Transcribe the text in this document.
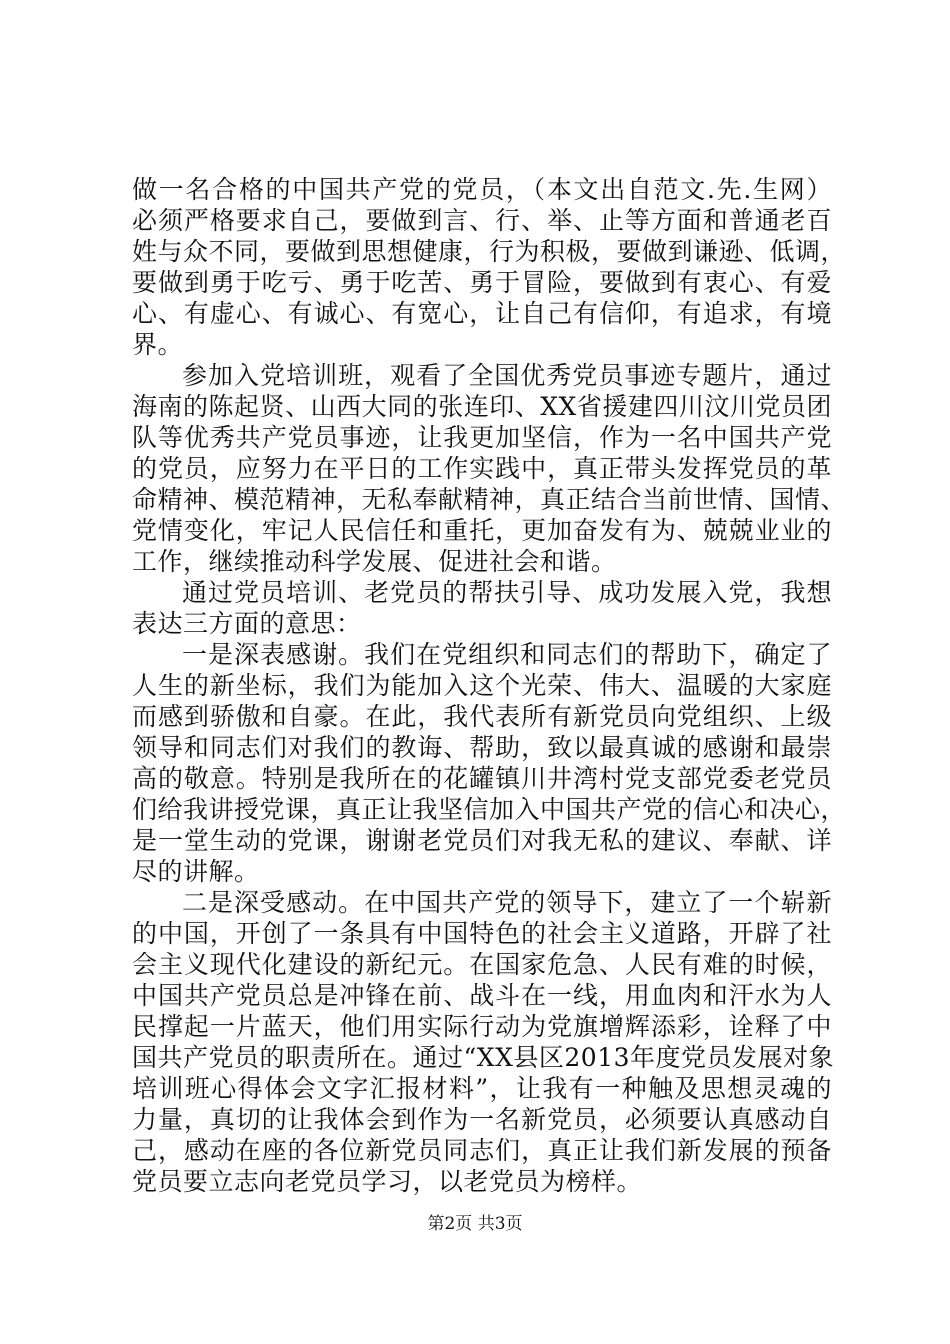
做一名合格的中国共产党的党员，（本文出自范文.先.生网）
必须严格要求自己，要做到言、行、举、止等方面和普通老百
姓与众不同，要做到思想健康，行为积极，要做到谦逊、低调，
要做到勇于吃亏、勇于吃苦、勇于冒险，要做到有衷心、有爱
心、有虚心、有诚心、有宽心，让自己有信仰，有追求，有境
界。
参加入党培训班，观看了全国优秀党员事迹专题片，通过
海南的陈起贤、山西大同的张连印、XX省援建四川汶川党员团
队等优秀共产党员事迹，让我更加坚信，作为一名中国共产党
的党员，应努力在平日的工作实践中，真正带头发挥党员的革
命精神、模范精神，无私奉献精神，真正结合当前世情、国情、
党情变化，牢记人民信任和重托，更加奋发有为、兢兢业业的
工作，继续推动科学发展、促进社会和谐。
通过党员培训、老党员的帮扶引导、成功发展入党，我想
表达三方面的意思：
一是深表感谢。我们在党组织和同志们的帮助下，确定了
人生的新坐标，我们为能加入这个光荣、伟大、温暖的大家庭
而感到骄傲和自豪。在此，我代表所有新党员向党组织、上级
领导和同志们对我们的教诲、帮助，致以最真诚的感谢和最崇
高的敬意。特别是我所在的花罐镇川井湾村党支部党委老党员
们给我讲授党课，真正让我坚信加入中国共产党的信心和决心，
是一堂生动的党课，谢谢老党员们对我无私的建议、奉献、详
尽的讲解。
二是深受感动。在中国共产党的领导下，建立了一个崭新
的中国，开创了一条具有中国特色的社会主义道路，开辟了社
会主义现代化建设的新纪元。在国家危急、人民有难的时候，
中国共产党员总是冲锋在前、战斗在一线，用血肉和汗水为人
民撑起一片蓝天，他们用实际行动为党旗增辉添彩，诠释了中
国共产党员的职责所在。通过“XX县区2013年度党员发展对象
培训班心得体会文字汇报材料”，让我有一种触及思想灵魂的
力量，真切的让我体会到作为一名新党员，必须要认真感动自
己，感动在座的各位新党员同志们，真正让我们新发展的预备
党员要立志向老党员学习，以老党员为榜样。
第2页 共3页
